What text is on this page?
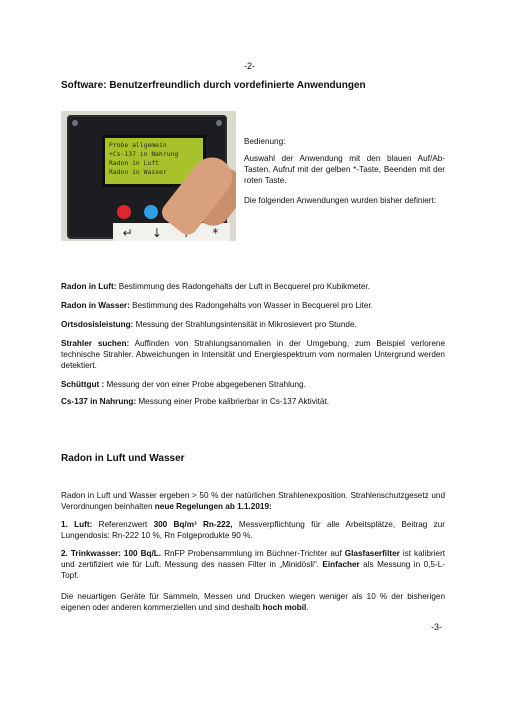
-2-
Software: Benutzerfreundlich durch vordefinierte Anwendungen
Probe allgemein
+Cs-137 in Nahrung
Radon in Luft
Radon in Wasser
↵	↓	*
Bedienung:
Auswahl der Anwendung mit den blauen Auf/Ab-Tasten. Aufruf mit der gelben *-Taste, Beenden mit der roten Taste.
Die folgenden Anwendungen wurden bisher definiert:
Radon in Luft: Bestimmung des Radongehalts der Luft in Becquerel pro Kubikmeter.
Radon in Wasser: Bestimmung des Radongehalts von Wasser in Becquerel pro Liter.
Ortsdosisleistung: Messung der Strahlungsintensität in Mikrosievert pro Stunde.
Strahler suchen: Auffinden von Strahlungsanomalien in der Umgebung, zum Beispiel verlorene technische Strahler. Abweichungen in Intensität und Energiespektrum vom normalen Untergrund werden detektiert.
Schüttgut : Messung der von einer Probe abgegebenen Strahlung.
Cs-137 in Nahrung: Messung einer Probe kalibrierbar in Cs-137 Aktivität.
Radon in Luft und Wasser
Radon in Luft und Wasser ergeben > 50 % der natürlichen Strahlenexposition. Strahlenschutzgesetz und Verordnungen beinhalten neue Regelungen ab 1.1.2019:
1. Luft: Referenzwert 300 Bq/m³ Rn-222, Messverpflichtung für alle Arbeitsplätze, Beitrag zur Lungendosis: Rn-222 10 %, Rn Folgeprodukte 90 %.
2. Trinkwasser: 100 Bq/L. RnFP Probensammlung im Büchner-Trichter auf Glasfaserfilter ist kalibriert und zertifiziert wie für Luft. Messung des nassen Filter in „Minidösli“. Einfacher als Messung in 0,5-L-Topf.
Die neuartigen Geräte für Sammeln, Messen und Drucken wiegen weniger als 10 % der bisherigen eigenen oder anderen kommerziellen und sind deshalb hoch mobil.
-3-
